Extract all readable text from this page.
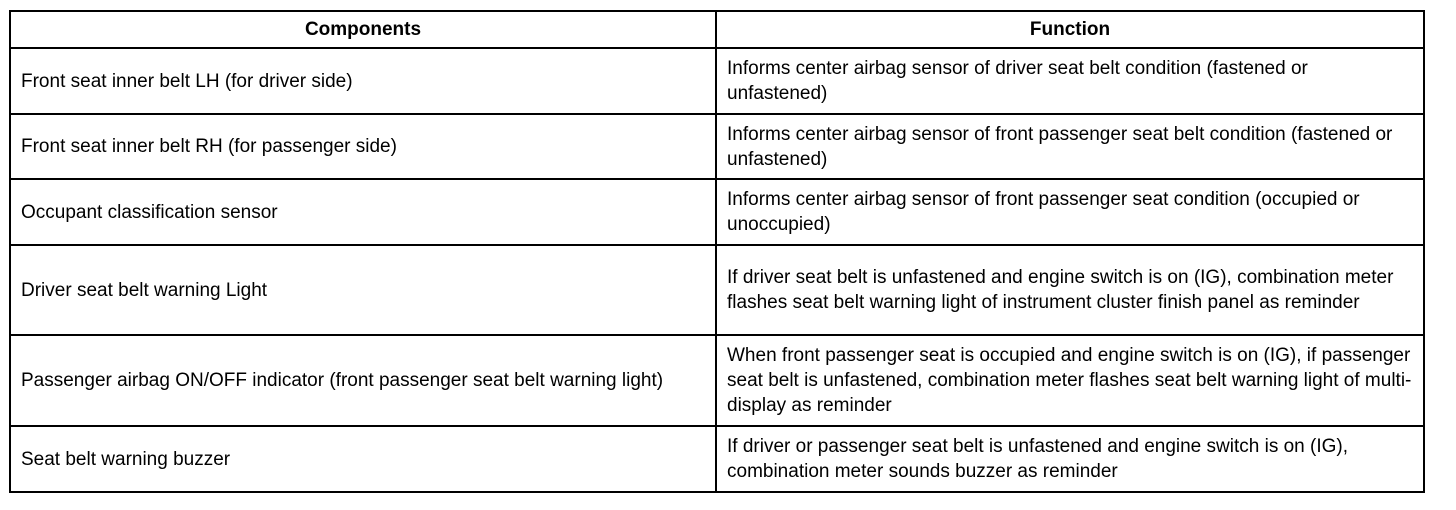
Components	Function
Front seat inner belt LH (for driver side)	Informs center airbag sensor of driver seat belt condition (fastened or unfastened)
Front seat inner belt RH (for passenger side)	Informs center airbag sensor of front passenger seat belt condition (fastened or unfastened)
Occupant classification sensor	Informs center airbag sensor of front passenger seat condition (occupied or unoccupied)
Driver seat belt warning Light	If driver seat belt is unfastened and engine switch is on (IG), combination meter flashes seat belt warning light of instrument cluster finish panel as reminder
Passenger airbag ON/OFF indicator (front passenger seat belt warning light)	When front passenger seat is occupied and engine switch is on (IG), if passenger seat belt is unfastened, combination meter flashes seat belt warning light of multi-display as reminder
Seat belt warning buzzer	If driver or passenger seat belt is unfastened and engine switch is on (IG), combination meter sounds buzzer as reminder
